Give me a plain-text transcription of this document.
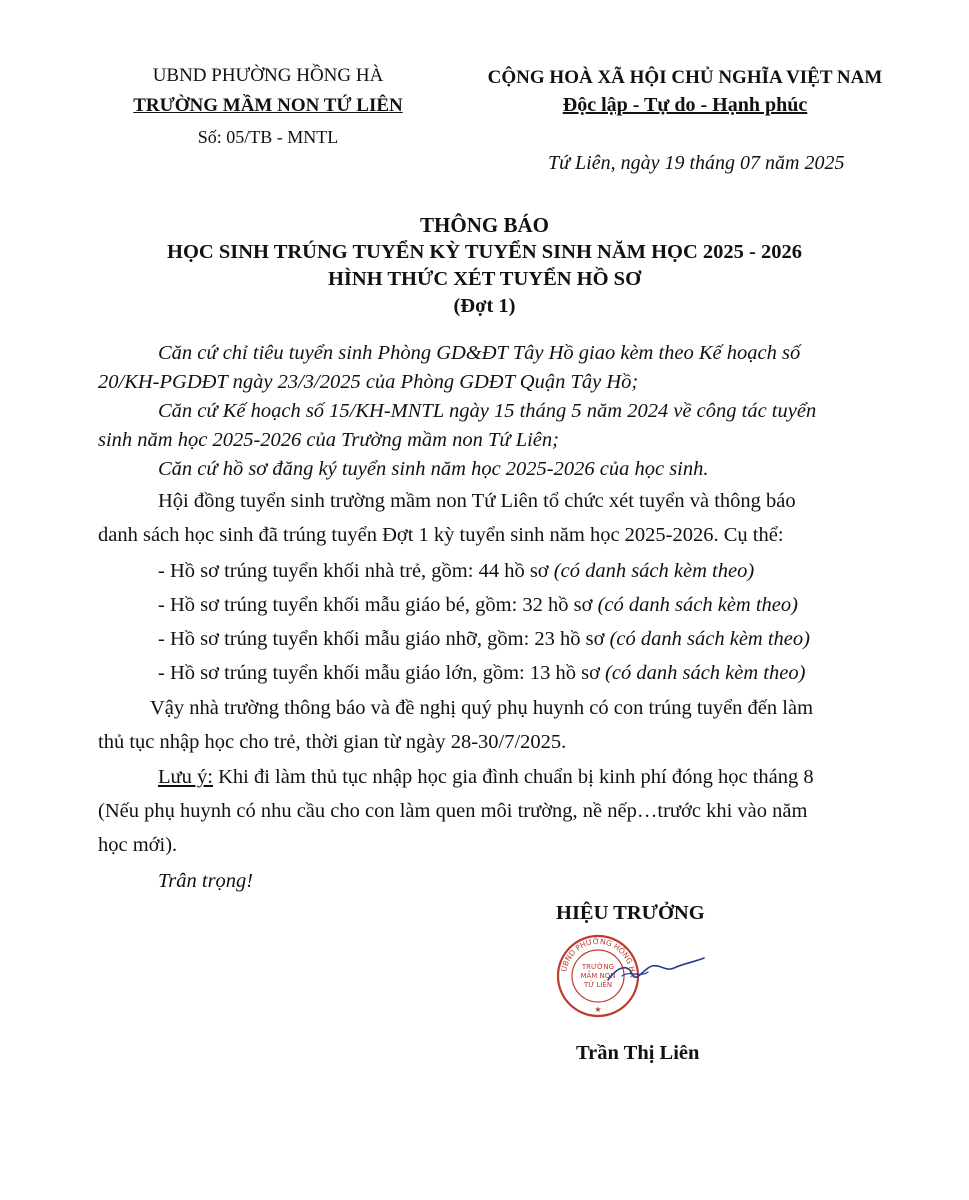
UBND PHƯỜNG HỒNG HÀ
TRƯỜNG MẦM NON TỨ LIÊN
Số: 05/TB - MNTL
CỘNG HOÀ XÃ HỘI CHỦ NGHĨA VIỆT NAM
Độc lập - Tự do - Hạnh phúc
Tứ Liên, ngày 19 tháng 07 năm 2025
THÔNG BÁO
HỌC SINH TRÚNG TUYỂN KỲ TUYỂN SINH NĂM HỌC 2025 - 2026
HÌNH THỨC XÉT TUYỂN HỒ SƠ
(Đợt 1)
Căn cứ chỉ tiêu tuyển sinh Phòng GD&ĐT Tây Hồ giao kèm theo Kế hoạch số
20/KH-PGDĐT ngày 23/3/2025 của Phòng GDĐT Quận Tây Hồ;
Căn cứ Kế hoạch số 15/KH-MNTL ngày 15 tháng 5 năm 2024 về công tác tuyển
sinh năm học 2025-2026 của Trường mầm non Tứ Liên;
Căn cứ hồ sơ đăng ký tuyển sinh năm học 2025-2026 của học sinh.
Hội đồng tuyển sinh trường mầm non Tứ Liên tổ chức xét tuyển và thông báo
danh sách học sinh đã trúng tuyển Đợt 1 kỳ tuyển sinh năm học 2025-2026. Cụ thể:
- Hồ sơ trúng tuyển khối nhà trẻ, gồm: 44 hồ sơ (có danh sách kèm theo)
- Hồ sơ trúng tuyển khối mẫu giáo bé, gồm: 32 hồ sơ (có danh sách kèm theo)
- Hồ sơ trúng tuyển khối mẫu giáo nhỡ, gồm: 23 hồ sơ (có danh sách kèm theo)
- Hồ sơ trúng tuyển khối mẫu giáo lớn, gồm: 13 hồ sơ (có danh sách kèm theo)
Vậy nhà trường thông báo và đề nghị quý phụ huynh có con trúng tuyển đến làm
thủ tục nhập học cho trẻ, thời gian từ ngày 28-30/7/2025.
Lưu ý: Khi đi làm thủ tục nhập học gia đình chuẩn bị kinh phí đóng học tháng 8
(Nếu phụ huynh có nhu cầu cho con làm quen môi trường, nề nếp…trước khi vào năm
học mới).
Trân trọng!
HIỆU TRƯỞNG
UBND PHƯỜNG HỒNG HÀ
TRƯỜNG
MẦM NON
TỨ LIÊN
★
Trần Thị Liên
